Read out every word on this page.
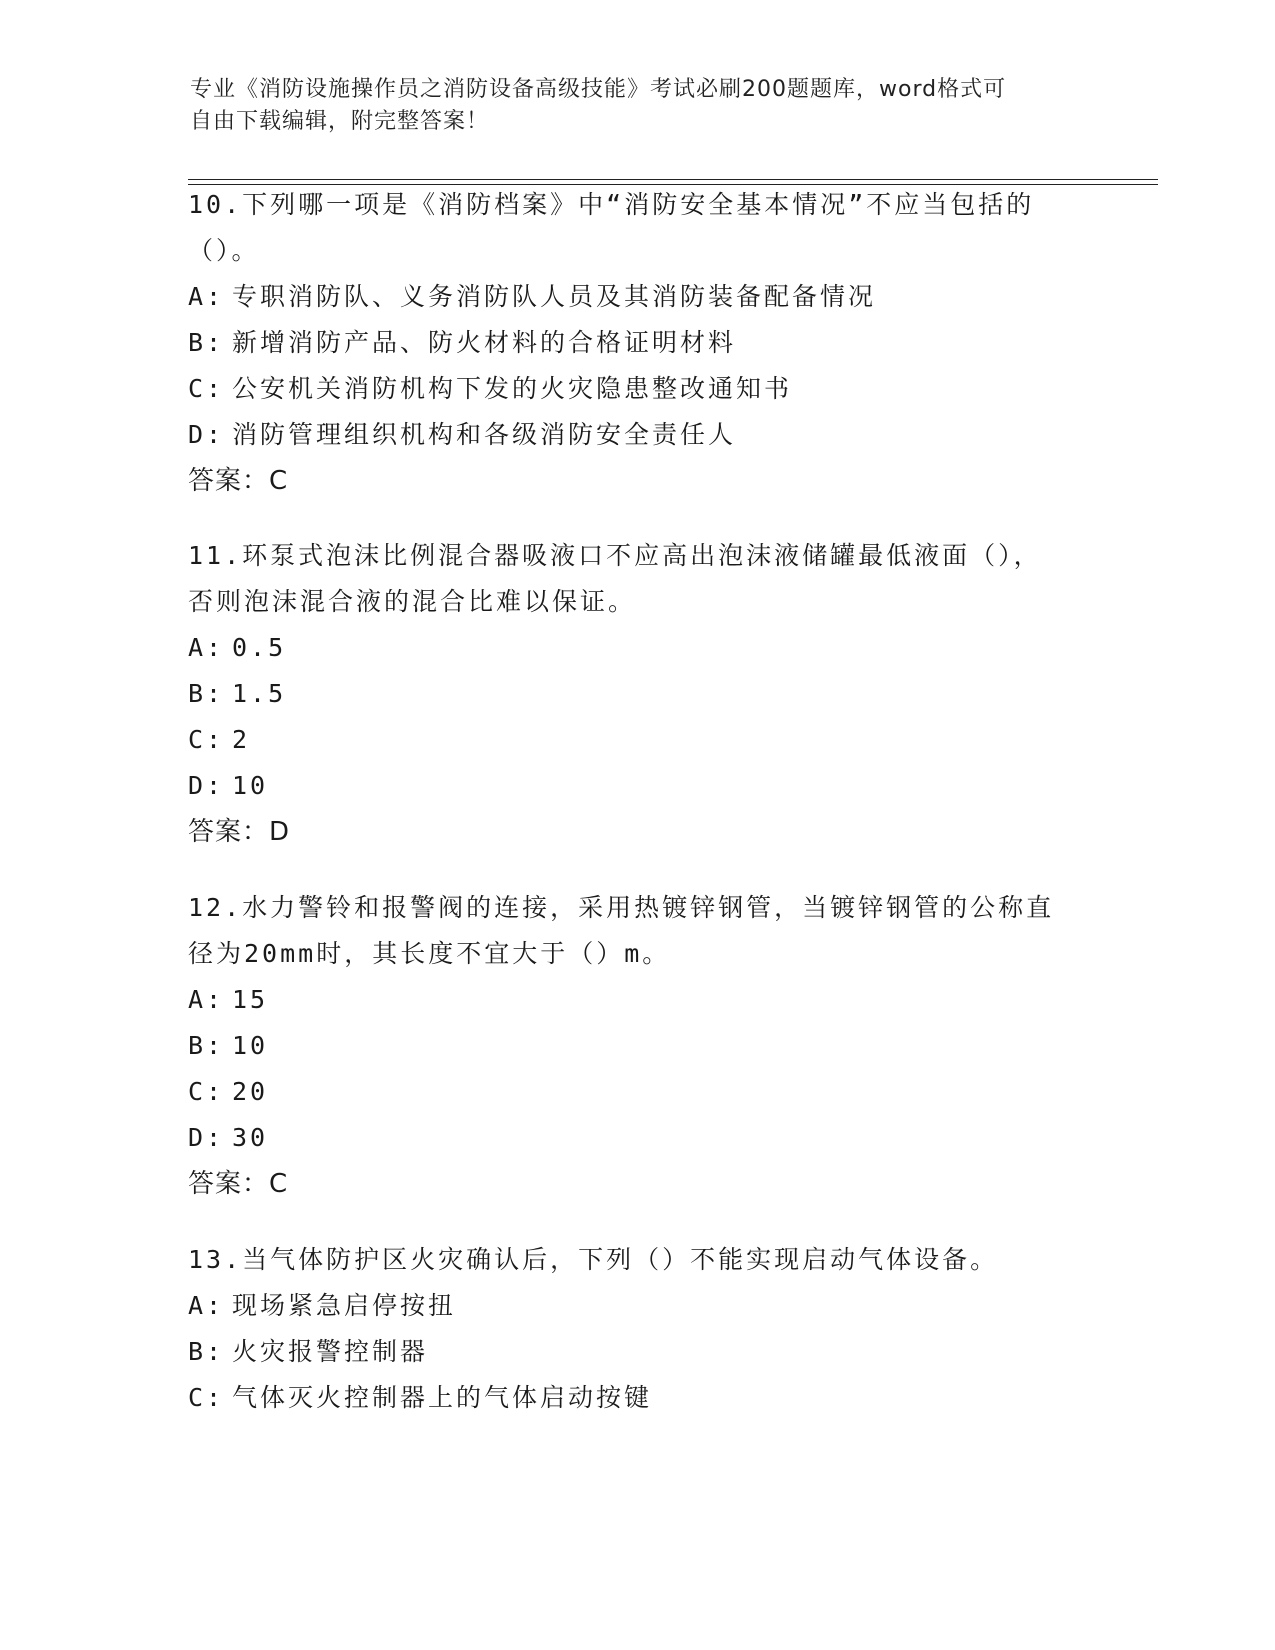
专业《消防设施操作员之消防设备高级技能》考试必刷200题题库，word格式可
自由下载编辑，附完整答案！

10.下列哪一项是《消防档案》中“消防安全基本情况”不应当包括的

（）。

A: 专职消防队、义务消防队人员及其消防装备配备情况

B: 新增消防产品、防火材料的合格证明材料

C: 公安机关消防机构下发的火灾隐患整改通知书

D: 消防管理组织机构和各级消防安全责任人

答案：C

11.环泵式泡沫比例混合器吸液口不应高出泡沫液储罐最低液面（），

否则泡沫混合液的混合比难以保证。

A: 0.5

B: 1.5

C: 2

D: 10

答案：D

12.水力警铃和报警阀的连接，采用热镀锌钢管，当镀锌钢管的公称直

径为20mm时，其长度不宜大于（）m。

A: 15

B: 10

C: 20

D: 30

答案：C

13.当气体防护区火灾确认后，下列（）不能实现启动气体设备。

A: 现场紧急启停按扭

B: 火灾报警控制器

C: 气体灭火控制器上的气体启动按键
